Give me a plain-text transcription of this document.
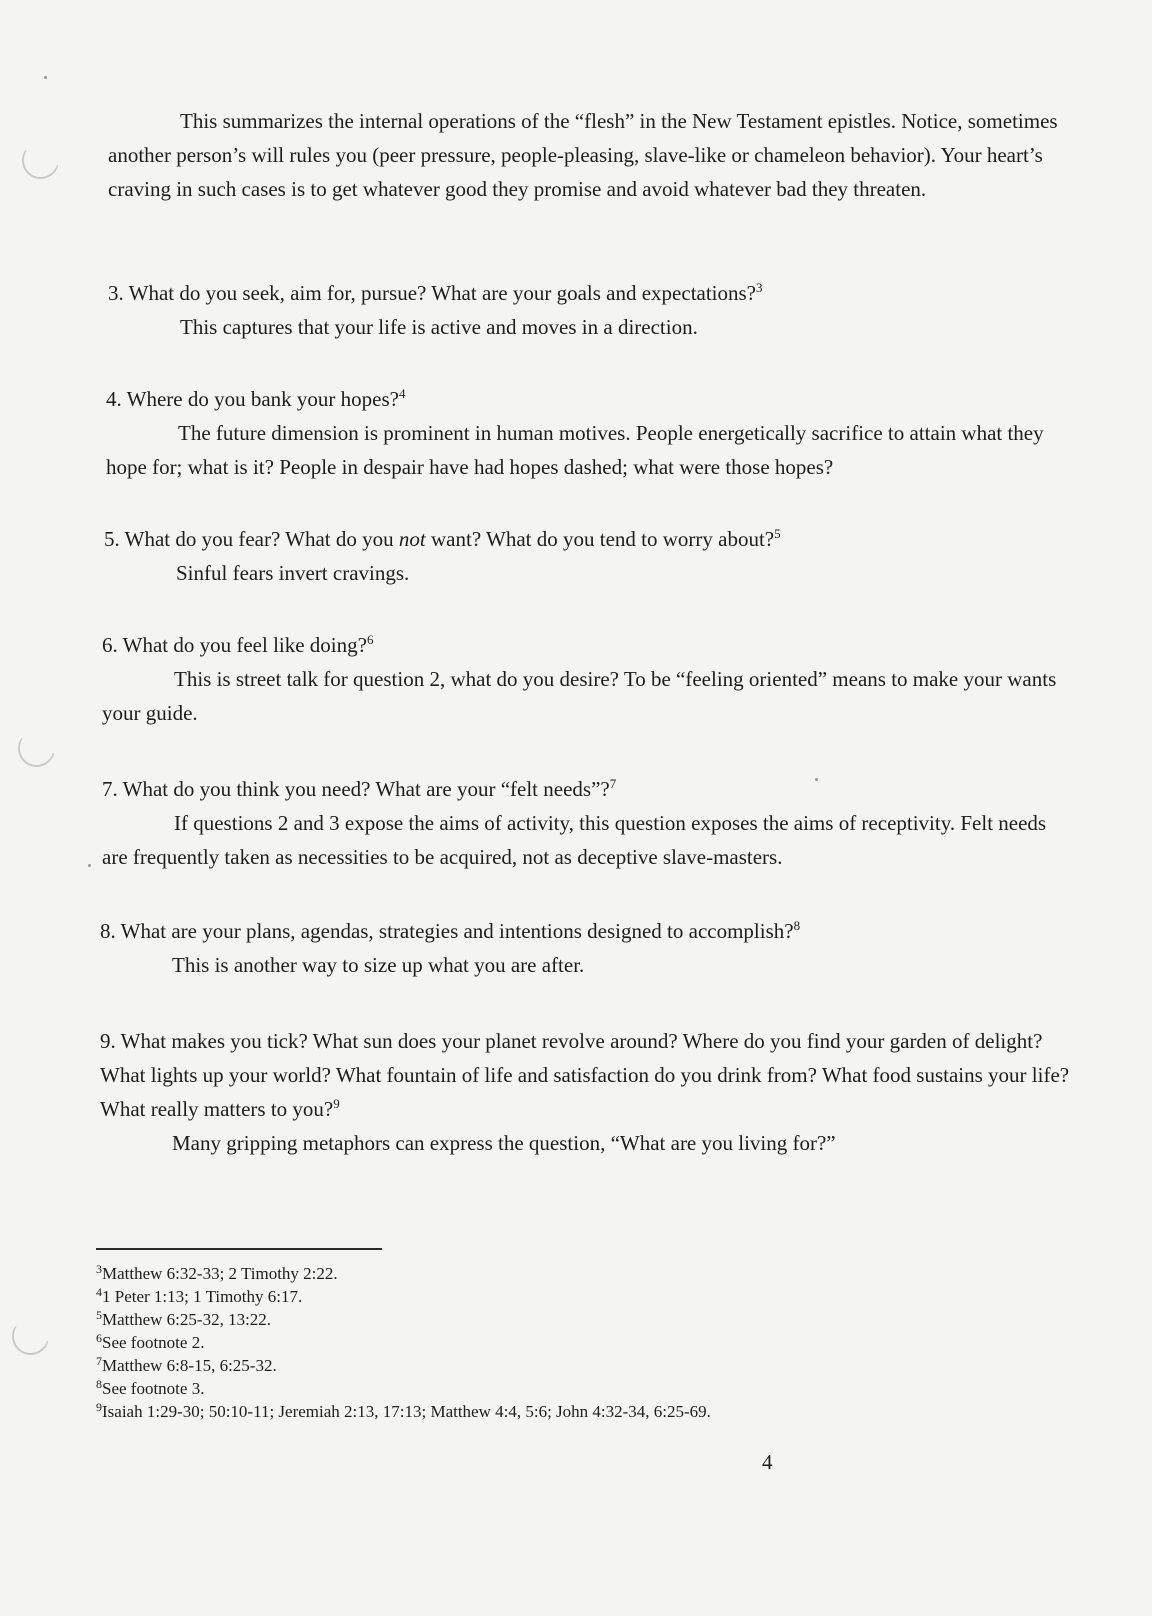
This summarizes the internal operations of the “flesh” in the New Testament epistles. Notice, sometimes another person’s will rules you (peer pressure, people-pleasing, slave-like or chameleon behavior). Your heart’s craving in such cases is to get whatever good they promise and avoid whatever bad they threaten.

3. What do you seek, aim for, pursue? What are your goals and expectations?$^3$

This captures that your life is active and moves in a direction.

4. Where do you bank your hopes?$^4$

The future dimension is prominent in human motives. People energetically sacrifice to attain what they hope for; what is it? People in despair have had hopes dashed; what were those hopes?

5. What do you fear? What do you not want? What do you tend to worry about?$^5$

Sinful fears invert cravings.

6. What do you feel like doing?$^6$

This is street talk for question 2, what do you desire? To be “feeling oriented” means to make your wants your guide.

7. What do you think you need? What are your “felt needs”?$^7$

If questions 2 and 3 expose the aims of activity, this question exposes the aims of receptivity. Felt needs are frequently taken as necessities to be acquired, not as deceptive slave-masters.

8. What are your plans, agendas, strategies and intentions designed to accomplish?$^8$

This is another way to size up what you are after.

9. What makes you tick? What sun does your planet revolve around? Where do you find your garden of delight? What lights up your world? What fountain of life and satisfaction do you drink from? What food sustains your life? What really matters to you?$^9$

Many gripping metaphors can express the question, “What are you living for?”

$^3$Matthew 6:32-33; 2 Timothy 2:22.

$^4$1 Peter 1:13; 1 Timothy 6:17.

$^5$Matthew 6:25-32, 13:22.

$^6$See footnote 2.

$^7$Matthew 6:8-15, 6:25-32.

$^8$See footnote 3.

$^9$Isaiah 1:29-30; 50:10-11; Jeremiah 2:13, 17:13; Matthew 4:4, 5:6; John 4:32-34, 6:25-69.

4
